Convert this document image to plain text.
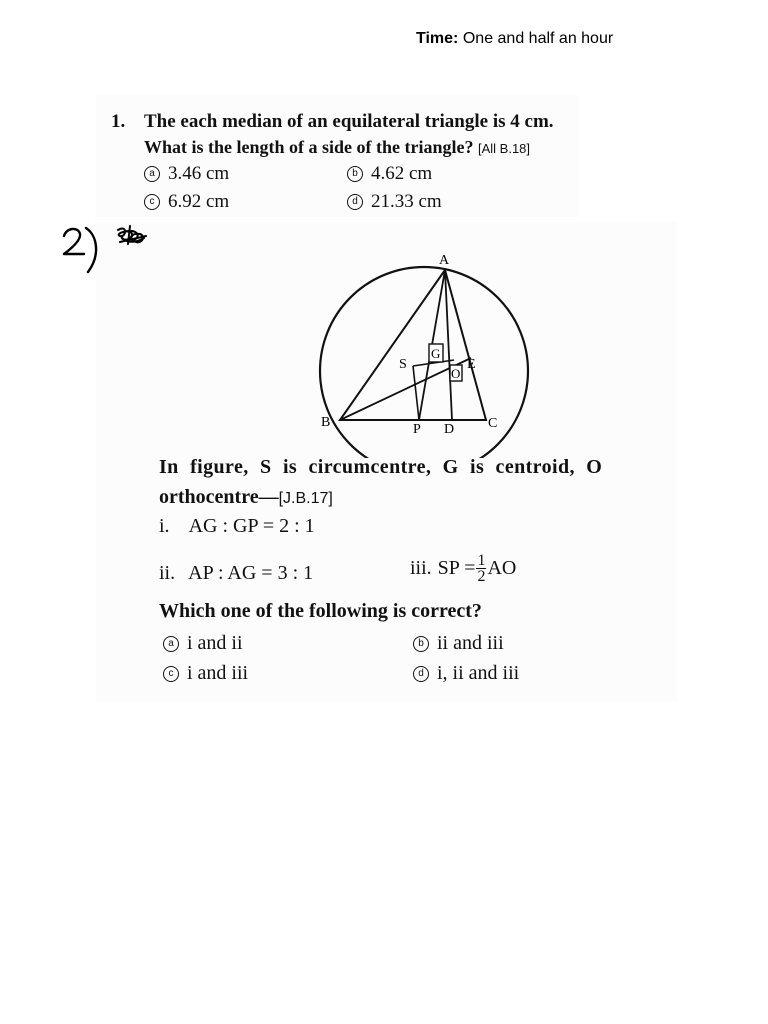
Time: One and half an hour
1. The each median of an equilateral triangle is 4 cm.
What is the length of a side of the triangle? [All B.18]
a 3.46 cm	b 4.62 cm
c 6.92 cm	d 21.33 cm
A
B	C
S
G
O
E
P D
In figure, S is circumcentre, G is centroid, O
orthocentre—[J.B.17]
i. AG : GP = 2 : 1
ii. AP : AG = 3 : 1	iii. SP = $\frac{1}{2}$ AO
Which one of the following is correct?
a i and ii	b ii and iii
c i and iii	d i, ii and iii
